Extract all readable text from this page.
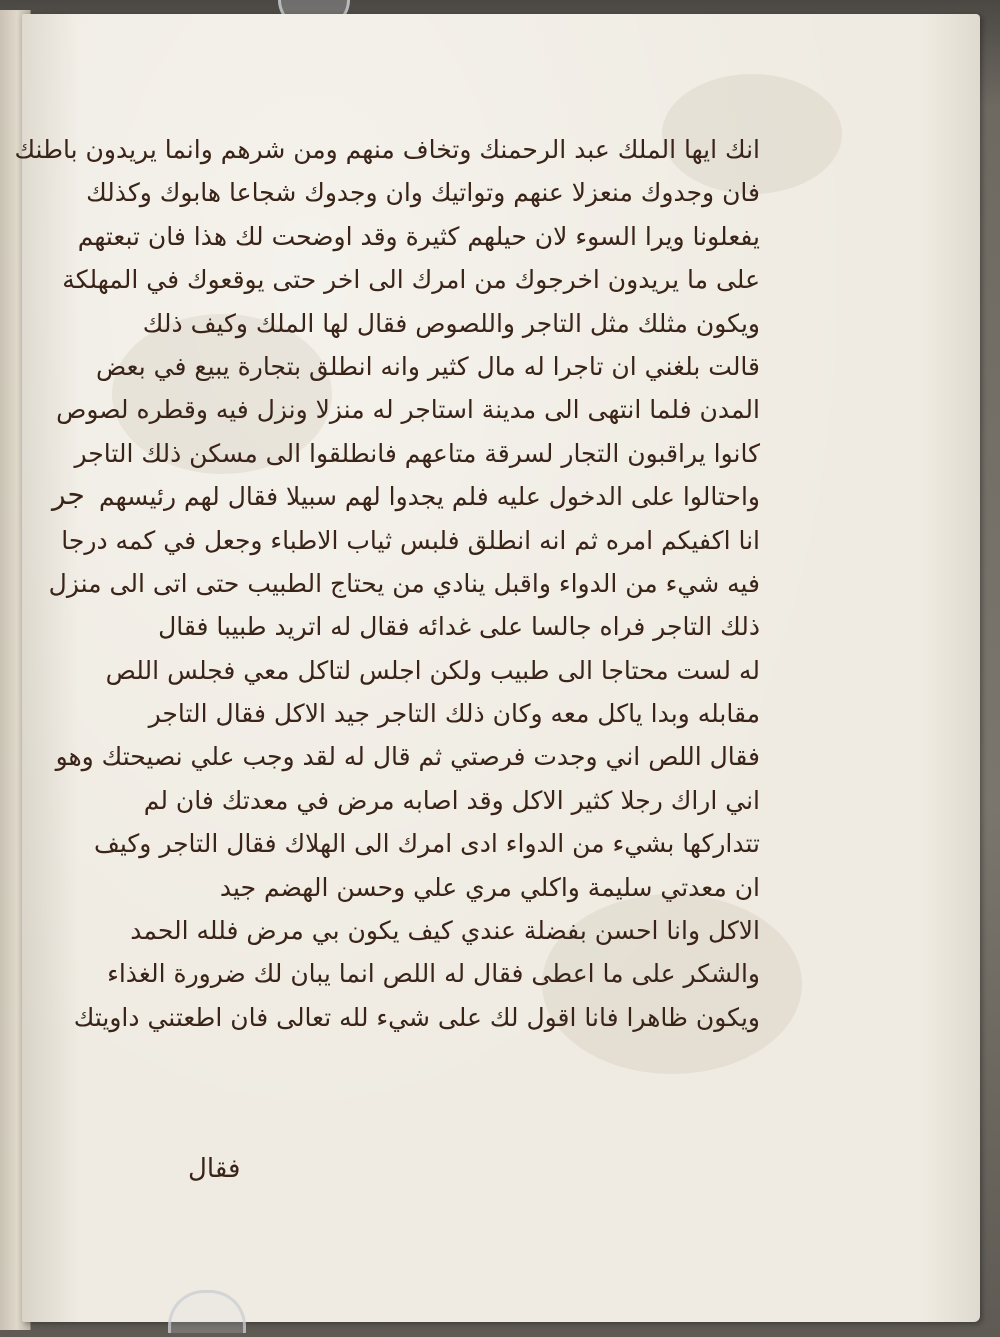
جر
انك ايها الملك عبد الرحمنك وتخاف منهم ومن شرهم وانما يريدون باطنك
فان وجدوك منعزلا عنهم وتواتيك وان وجدوك شجاعا هابوك وكذلك
يفعلونا ويرا السوء لان حيلهم كثيرة وقد اوضحت لك هذا فان تبعتهم
على ما يريدون اخرجوك من امرك الى اخر حتى يوقعوك في المهلكة
ويكون مثلك مثل التاجر واللصوص فقال لها الملك وكيف ذلك
قالت بلغني ان تاجرا له مال كثير وانه انطلق بتجارة يبيع في بعض
المدن فلما انتهى الى مدينة استاجر له منزلا ونزل فيه وقطره لصوص
كانوا يراقبون التجار لسرقة متاعهم فانطلقوا الى مسكن ذلك التاجر
واحتالوا على الدخول عليه فلم يجدوا لهم سبيلا فقال لهم رئيسهم
انا اكفيكم امره ثم انه انطلق فلبس ثياب الاطباء وجعل في كمه درجا
فيه شيء من الدواء واقبل ينادي من يحتاج الطبيب حتى اتى الى منزل
ذلك التاجر فراه جالسا على غدائه فقال له اتريد طبيبا فقال
له لست محتاجا الى طبيب ولكن اجلس لتاكل معي فجلس اللص
مقابله وبدا ياكل معه وكان ذلك التاجر جيد الاكل فقال التاجر
فقال اللص اني وجدت فرصتي ثم قال له لقد وجب علي نصيحتك وهو
اني اراك رجلا كثير الاكل وقد اصابه مرض في معدتك فان لم
تتداركها بشيء من الدواء ادى امرك الى الهلاك فقال التاجر وكيف
ان معدتي سليمة واكلي مري علي وحسن الهضم جيد
الاكل وانا احسن بفضلة عندي كيف يكون بي مرض فلله الحمد
والشكر على ما اعطى فقال له اللص انما يبان لك ضرورة الغذاء
ويكون ظاهرا فانا اقول لك على شيء لله تعالى فان اطعتني داويتك
فقال
